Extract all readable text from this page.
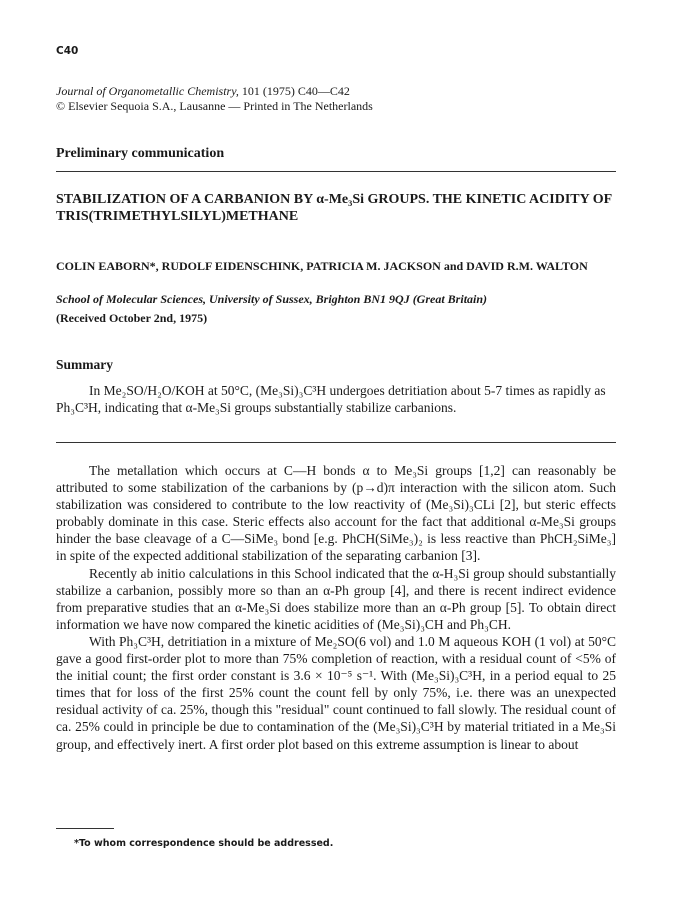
C40
Journal of Organometallic Chemistry, 101 (1975) C40—C42
© Elsevier Sequoia S.A., Lausanne — Printed in The Netherlands
Preliminary communication
STABILIZATION OF A CARBANION BY α-Me₃Si GROUPS. THE KINETIC ACIDITY OF TRIS(TRIMETHYLSILYL)METHANE
COLIN EABORN*, RUDOLF EIDENSCHINK, PATRICIA M. JACKSON and DAVID R.M. WALTON
School of Molecular Sciences, University of Sussex, Brighton BN1 9QJ (Great Britain)
(Received October 2nd, 1975)
Summary

In Me₂SO/H₂O/KOH at 50°C, (Me₃Si)₃C³H undergoes detritiation about 5-7 times as rapidly as Ph₃C³H, indicating that α-Me₃Si groups substantially stabilize carbanions.

The metallation which occurs at C—H bonds α to Me₃Si groups [1,2] can reasonably be attributed to some stabilization of the carbanions by (p→d)π interaction with the silicon atom. Such stabilization was considered to contribute to the low reactivity of (Me₃Si)₃CLi [2], but steric effects probably dominate in this case. Steric effects also account for the fact that additional α-Me₃Si groups hinder the base cleavage of a C—SiMe₃ bond [e.g. PhCH(SiMe₃)₂ is less reactive than PhCH₂SiMe₃] in spite of the expected additional stabilization of the separating carbanion [3].

Recently ab initio calculations in this School indicated that the α-H₃Si group should substantially stabilize a carbanion, possibly more so than an α-Ph group [4], and there is recent indirect evidence from preparative studies that an α-Me₃Si does stabilize more than an α-Ph group [5]. To obtain direct information we have now compared the kinetic acidities of (Me₃Si)₃CH and Ph₃CH.

With Ph₃C³H, detritiation in a mixture of Me₂SO(6 vol) and 1.0 M aqueous KOH (1 vol) at 50°C gave a good first-order plot to more than 75% completion of reaction, with a residual count of <5% of the initial count; the first order constant is 3.6 × 10⁻⁵ s⁻¹. With (Me₃Si)₃C³H, in a period equal to 25 times that for loss of the first 25% count the count fell by only 75%, i.e. there was an unexpected residual activity of ca. 25%, though this "residual" count continued to fall slowly. The residual count of ca. 25% could in principle be due to contamination of the (Me₃Si)₃C³H by material tritiated in a Me₃Si group, and effectively inert. A first order plot based on this extreme assumption is linear to about

*To whom correspondence should be addressed.
